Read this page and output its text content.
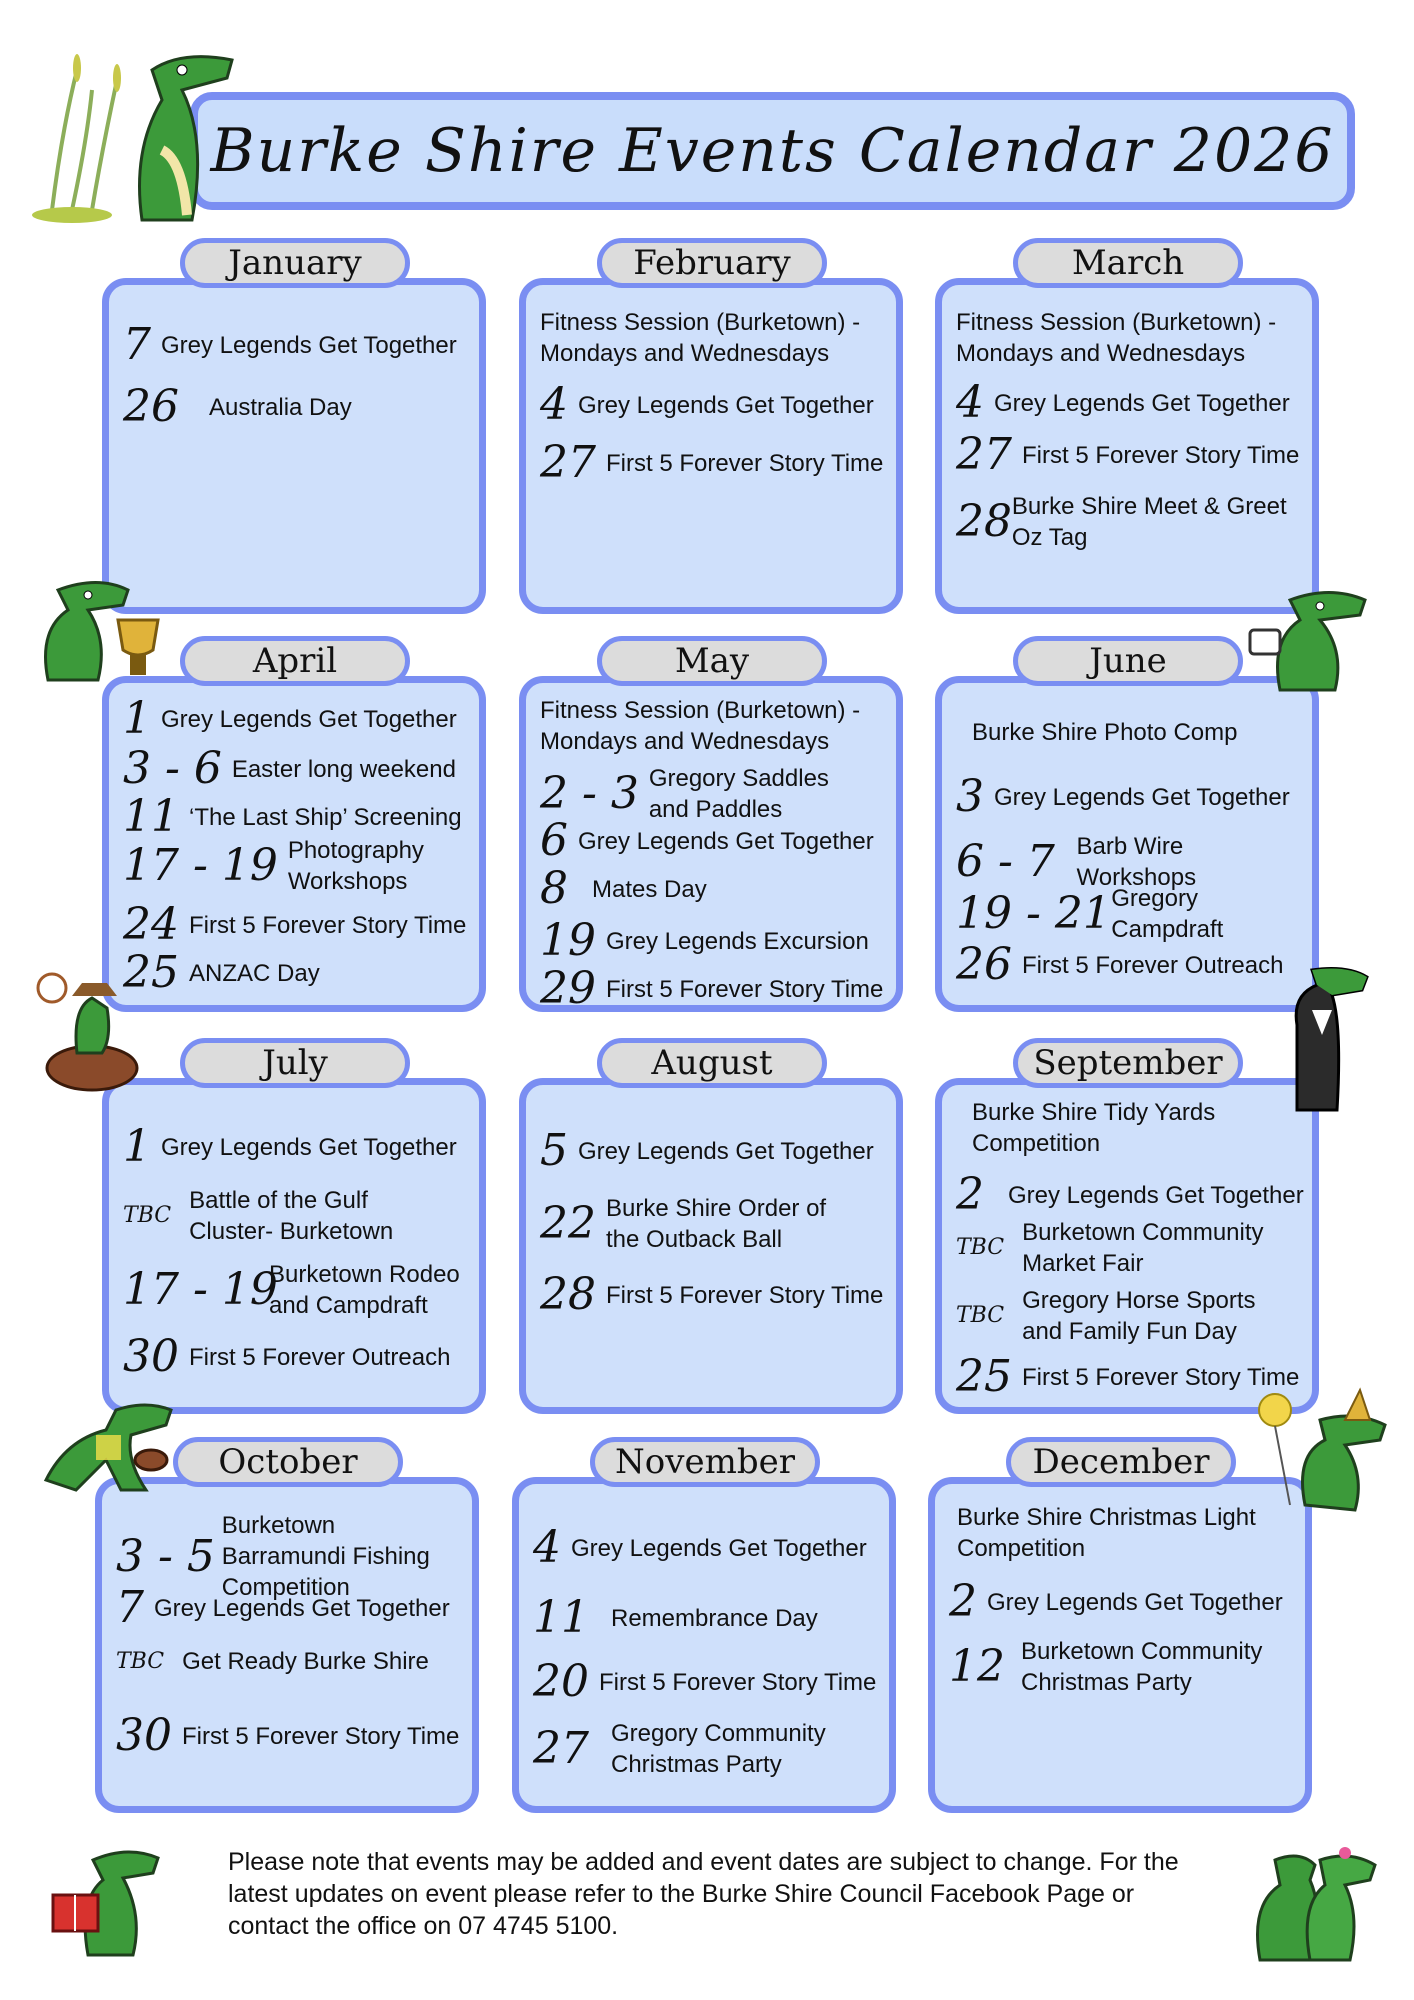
Burke Shire Events Calendar 2026
January
7 Grey Legends Get Together
26 Australia Day
February
Fitness Session (Burketown) - Mondays and Wednesdays
4 Grey Legends Get Together
27 First 5 Forever Story Time
March
Fitness Session (Burketown) - Mondays and Wednesdays
4 Grey Legends Get Together
27 First 5 Forever Story Time
28 Burke Shire Meet & Greet Oz Tag
April
1 Grey Legends Get Together
3 - 6 Easter long weekend
11 ‘The Last Ship’ Screening
17 - 19 Photography Workshops
24 First 5 Forever Story Time
25 ANZAC Day
May
Fitness Session (Burketown) - Mondays and Wednesdays
2 - 3 Gregory Saddles and Paddles
6 Grey Legends Get Together
8 Mates Day
19 Grey Legends Excursion
29 First 5 Forever Story Time
June
Burke Shire Photo Comp
3 Grey Legends Get Together
6 - 7 Barb Wire Workshops
19 - 21 Gregory Campdraft
26 First 5 Forever Outreach
July
1 Grey Legends Get Together
TBC
Battle of the Gulf Cluster- Burketown
17 - 19
Burketown Rodeo and Campdraft
30 First 5 Forever Outreach
August
5 Grey Legends Get Together
22 Burke Shire Order of the Outback Ball
28 First 5 Forever Story Time
September
Burke Shire Tidy Yards Competition
2 Grey Legends Get Together
TBC
Burketown Community Market Fair
TBC
Gregory Horse Sports and Family Fun Day
25 First 5 Forever Story Time
October
3 - 5
Burketown Barramundi Fishing Competition
7 Grey Legends Get Together
TBC Get Ready Burke Shire
30 First 5 Forever Story Time
November
4 Grey Legends Get Together
11 Remembrance Day
20 First 5 Forever Story Time
27 Gregory Community Christmas Party
December
Burke Shire Christmas Light Competition
2 Grey Legends Get Together
12 Burketown Community Christmas Party
Please note that events may be added and event dates are subject to change. For the latest updates on event please refer to the Burke Shire Council Facebook Page or contact the office on 07 4745 5100.
